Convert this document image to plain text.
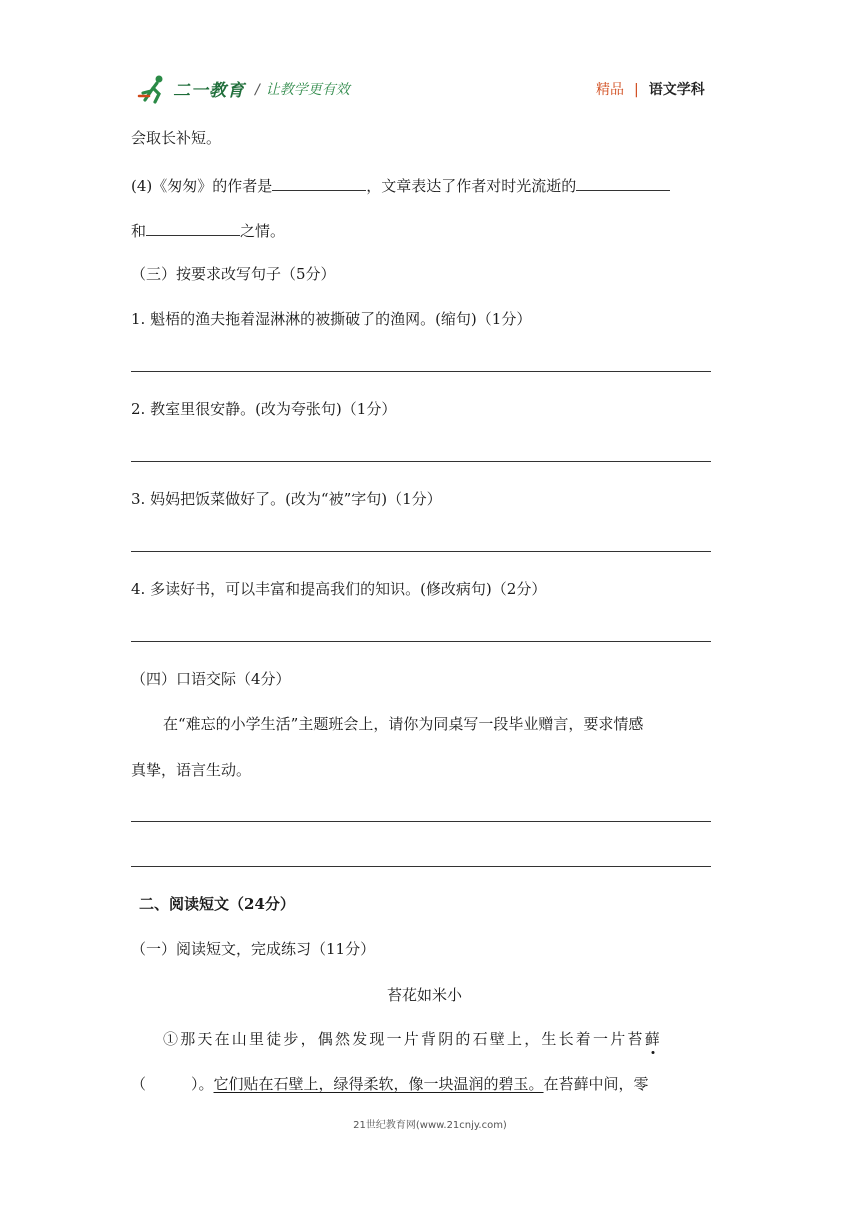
二一教育 / 让教学更有效	精品 | 语文学科
会取长补短。
(4)《匆匆》的作者是	，文章表达了作者对时光流逝的
和	之情。
（三）按要求改写句子（5分）
1. 魁梧的渔夫拖着湿淋淋的被撕破了的渔网。(缩句)（1分）
2. 教室里很安静。(改为夸张句)（1分）
3. 妈妈把饭菜做好了。(改为“被”字句)（1分）
4. 多读好书，可以丰富和提高我们的知识。(修改病句)（2分）
（四）口语交际（4分）
在“难忘的小学生活”主题班会上，请你为同桌写一段毕业赠言，要求情感
真挚，语言生动。
二、阅读短文（24分）
（一）阅读短文，完成练习（11分）
苔花如米小
①那天在山里徒步，偶然发现一片背阴的石壁上，生长着一片苔藓
（　　　）。它们贴在石壁上，绿得柔软，像一块温润的碧玉。在苔藓中间，零
21世纪教育网(www.21cnjy.com)
